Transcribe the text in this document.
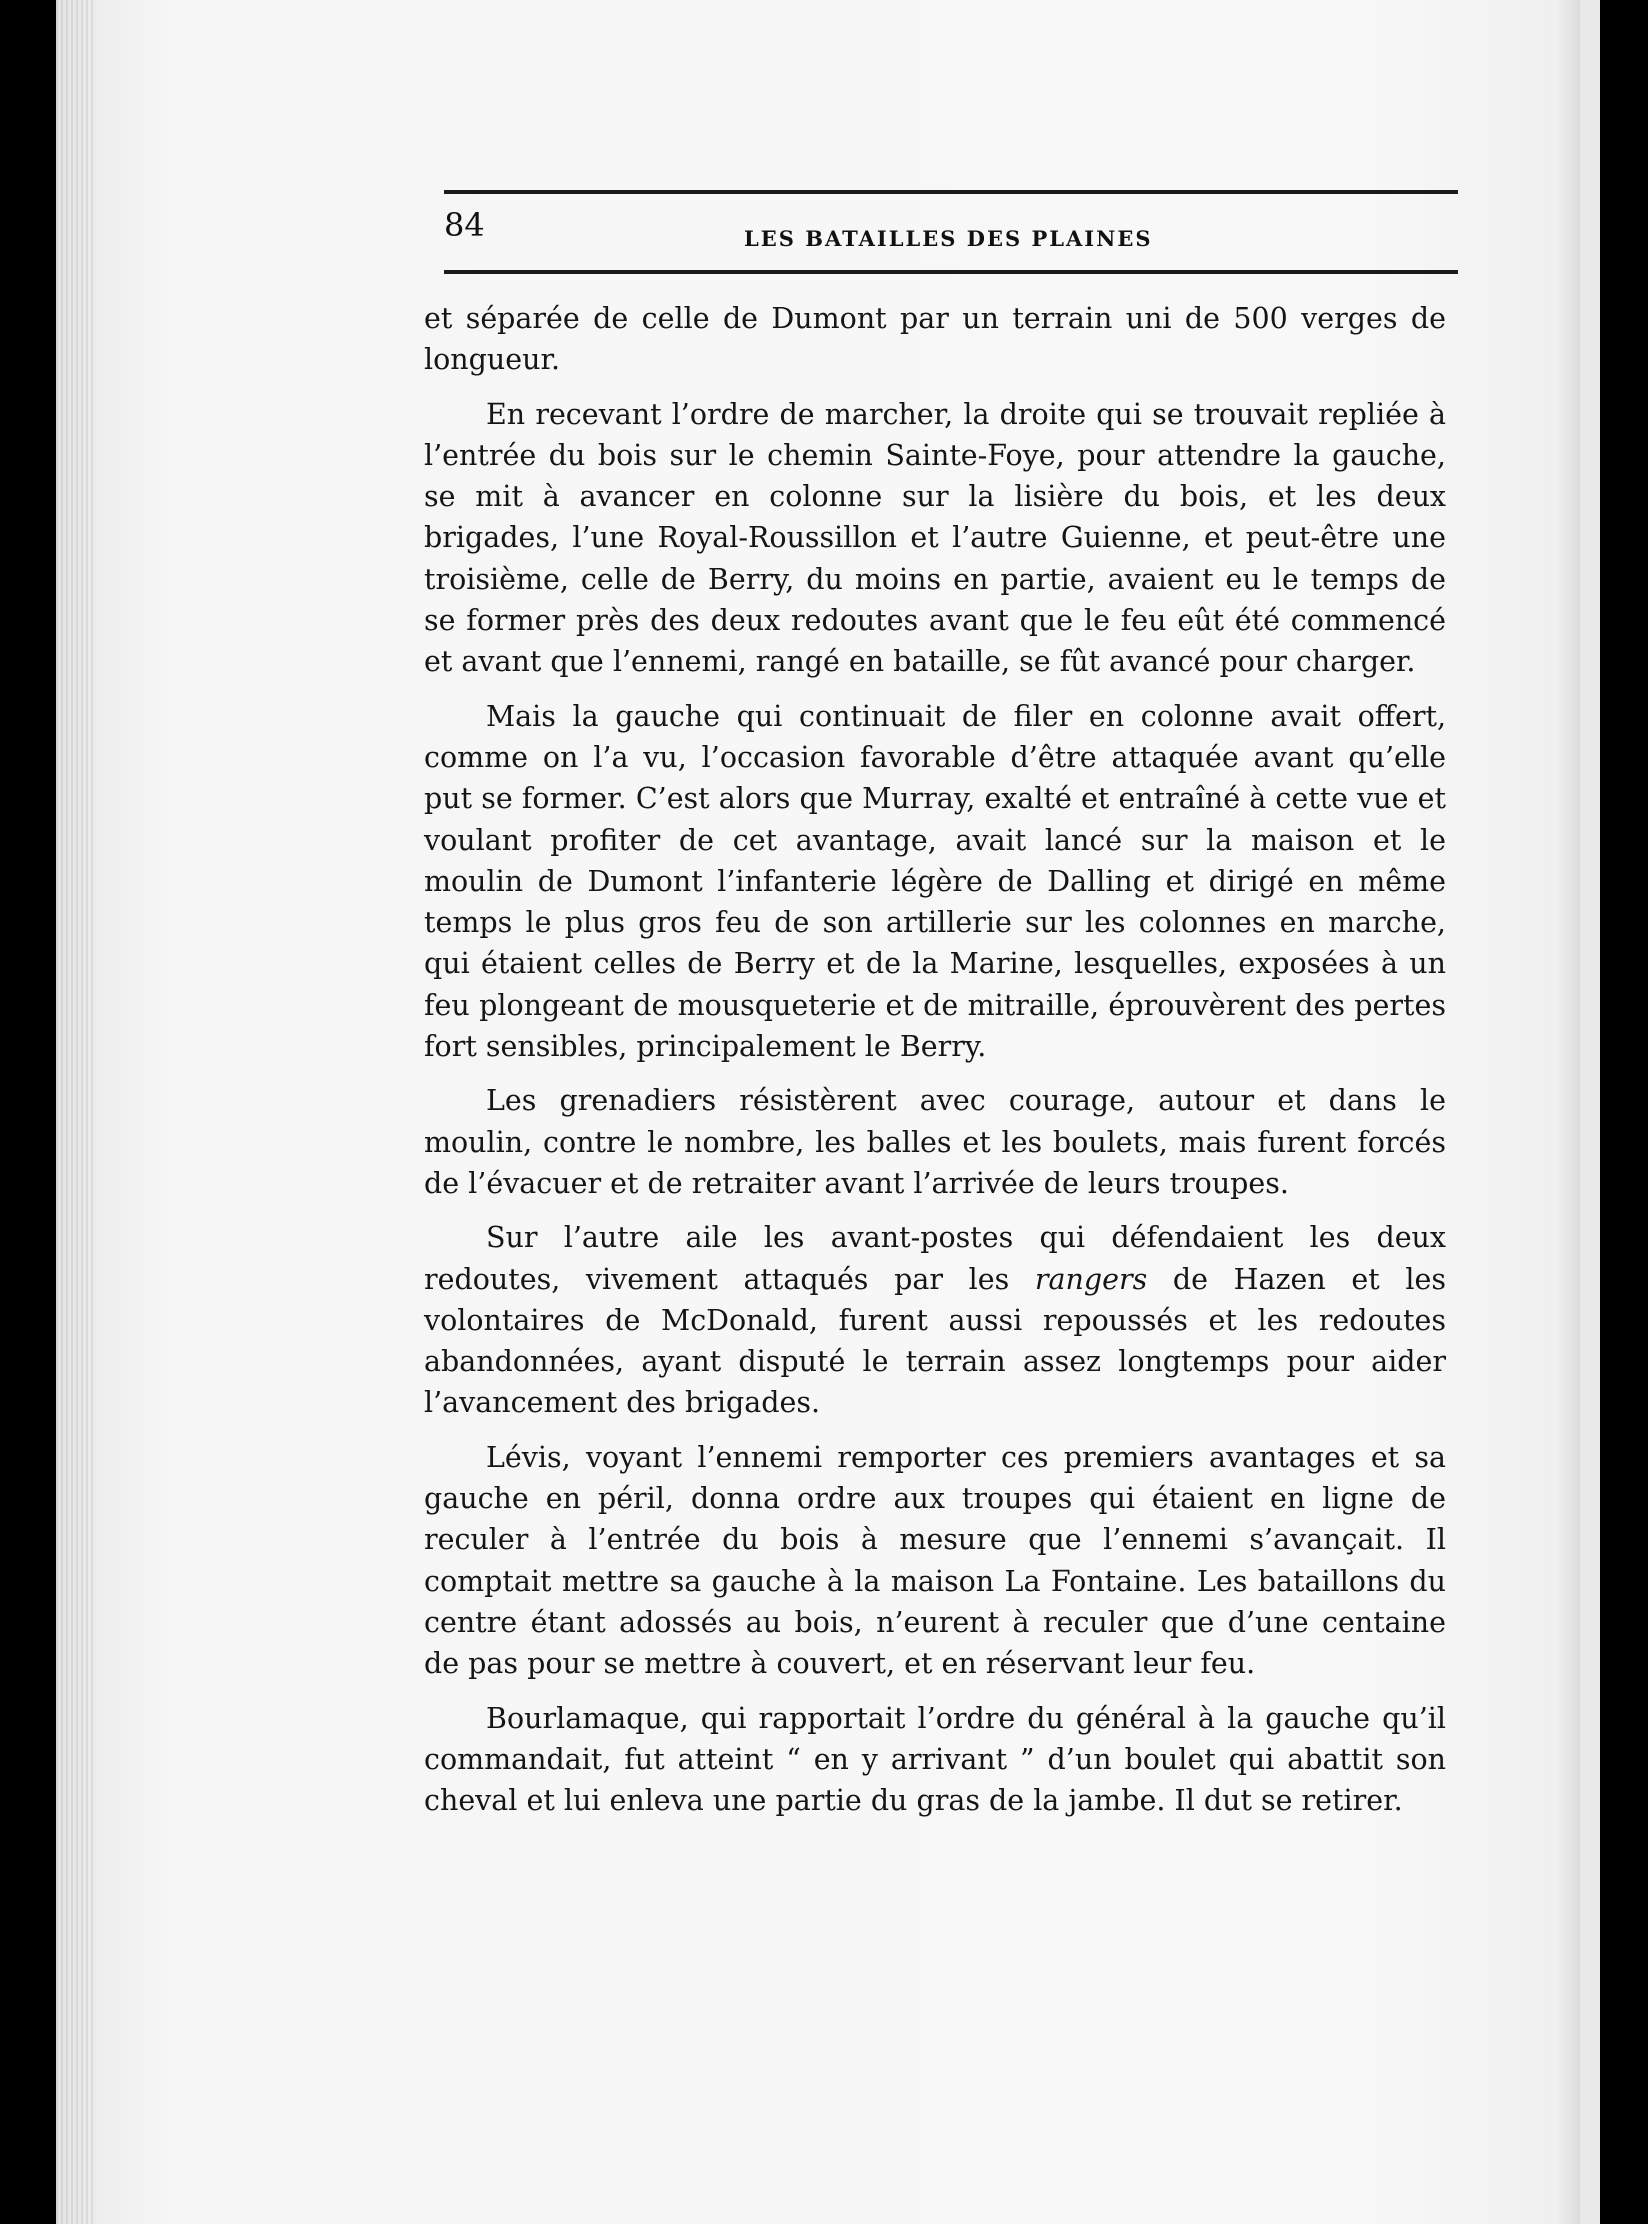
84	LES BATAILLES DES PLAINES

et séparée de celle de Dumont par un terrain uni de 500 verges de longueur.

En recevant l’ordre de marcher, la droite qui se trouvait repliée à l’entrée du bois sur le chemin Sainte-Foye, pour attendre la gauche, se mit à avancer en colonne sur la lisière du bois, et les deux brigades, l’une Royal-Roussillon et l’autre Guienne, et peut-être une troisième, celle de Berry, du moins en partie, avaient eu le temps de se former près des deux redoutes avant que le feu eût été commencé et avant que l’ennemi, rangé en bataille, se fût avancé pour charger.

Mais la gauche qui continuait de filer en colonne avait offert, comme on l’a vu, l’occasion favorable d’être attaquée avant qu’elle put se former. C’est alors que Murray, exalté et entraîné à cette vue et voulant profiter de cet avantage, avait lancé sur la maison et le moulin de Dumont l’infanterie légère de Dalling et dirigé en même temps le plus gros feu de son artillerie sur les colonnes en marche, qui étaient celles de Berry et de la Marine, lesquelles, exposées à un feu plongeant de mousqueterie et de mitraille, éprouvèrent des pertes fort sensibles, principalement le Berry.

Les grenadiers résistèrent avec courage, autour et dans le moulin, contre le nombre, les balles et les boulets, mais furent forcés de l’évacuer et de retraiter avant l’arrivée de leurs troupes.

Sur l’autre aile les avant-postes qui défendaient les deux redoutes, vivement attaqués par les rangers de Hazen et les volontaires de McDonald, furent aussi repoussés et les redoutes abandonnées, ayant disputé le terrain assez longtemps pour aider l’avancement des brigades.

Lévis, voyant l’ennemi remporter ces premiers avantages et sa gauche en péril, donna ordre aux troupes qui étaient en ligne de reculer à l’entrée du bois à mesure que l’ennemi s’avançait. Il comptait mettre sa gauche à la maison La Fontaine. Les bataillons du centre étant adossés au bois, n’eurent à reculer que d’une centaine de pas pour se mettre à couvert, et en réservant leur feu.

Bourlamaque, qui rapportait l’ordre du général à la gauche qu’il commandait, fut atteint “ en y arrivant ” d’un boulet qui abattit son cheval et lui enleva une partie du gras de la jambe. Il dut se retirer.
